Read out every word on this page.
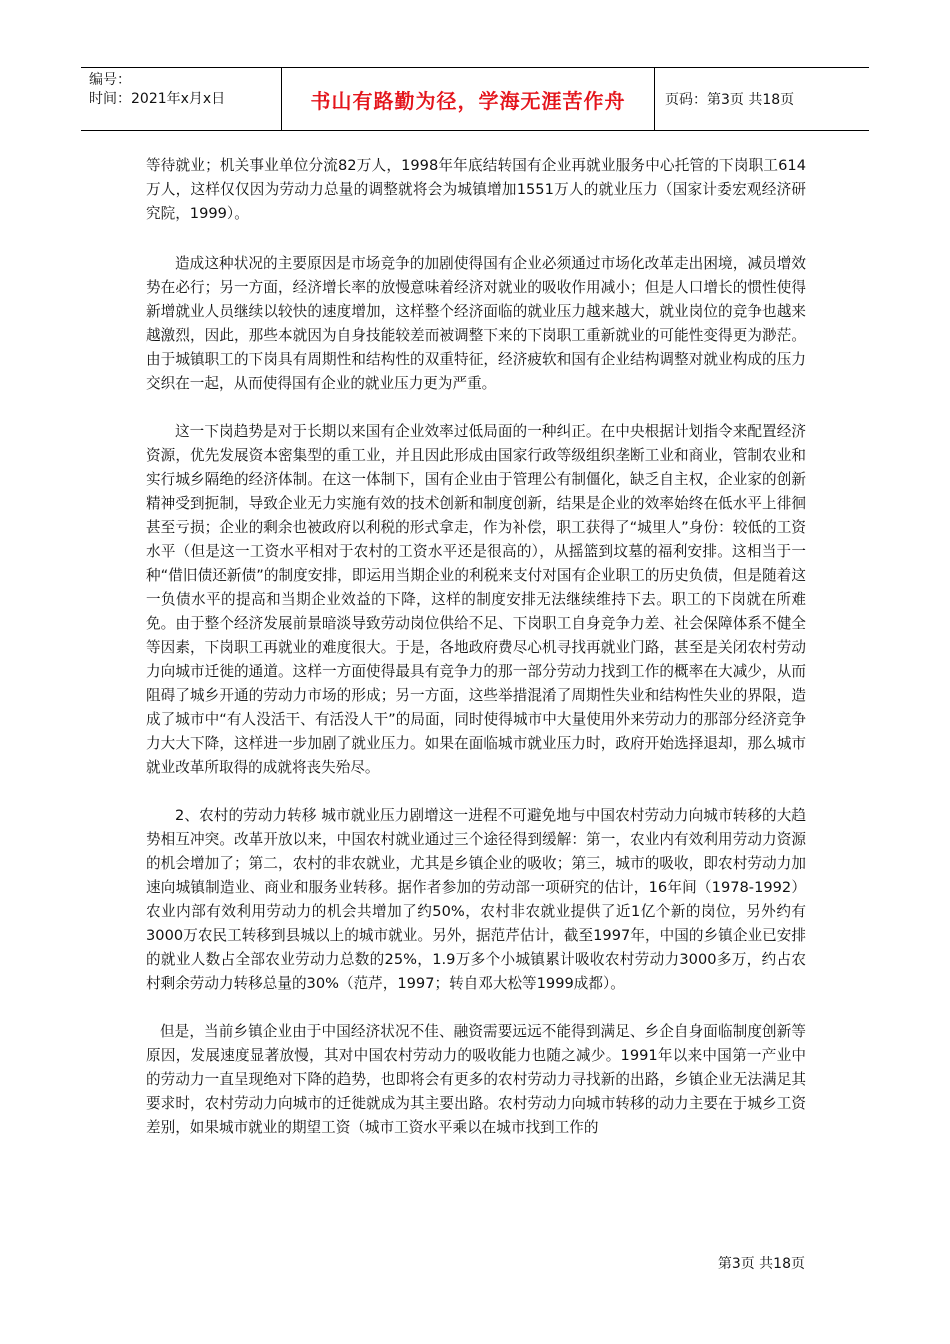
编号：
时间：2021年x月x日	书山有路勤为径，学海无涯苦作舟	页码：第3页 共18页

等待就业；机关事业单位分流82万人，1998年年底结转国有企业再就业服务中心托管的下岗职工614万人，这样仅仅因为劳动力总量的调整就将会为城镇增加1551万人的就业压力（国家计委宏观经济研究院，1999）。

造成这种状况的主要原因是市场竞争的加剧使得国有企业必须通过市场化改革走出困境，减员增效势在必行；另一方面，经济增长率的放慢意味着经济对就业的吸收作用减小；但是人口增长的惯性使得新增就业人员继续以较快的速度增加，这样整个经济面临的就业压力越来越大，就业岗位的竞争也越来越激烈，因此，那些本就因为自身技能较差而被调整下来的下岗职工重新就业的可能性变得更为渺茫。由于城镇职工的下岗具有周期性和结构性的双重特征，经济疲软和国有企业结构调整对就业构成的压力交织在一起，从而使得国有企业的就业压力更为严重。

这一下岗趋势是对于长期以来国有企业效率过低局面的一种纠正。在中央根据计划指令来配置经济资源，优先发展资本密集型的重工业，并且因此形成由国家行政等级组织垄断工业和商业，管制农业和实行城乡隔绝的经济体制。在这一体制下，国有企业由于管理公有制僵化，缺乏自主权，企业家的创新精神受到扼制，导致企业无力实施有效的技术创新和制度创新，结果是企业的效率始终在低水平上徘徊甚至亏损；企业的剩余也被政府以利税的形式拿走，作为补偿，职工获得了“城里人”身份：较低的工资水平（但是这一工资水平相对于农村的工资水平还是很高的），从摇篮到坟墓的福利安排。这相当于一种“借旧债还新债”的制度安排，即运用当期企业的利税来支付对国有企业职工的历史负债，但是随着这一负债水平的提高和当期企业效益的下降，这样的制度安排无法继续维持下去。职工的下岗就在所难免。由于整个经济发展前景暗淡导致劳动岗位供给不足、下岗职工自身竞争力差、社会保障体系不健全等因素，下岗职工再就业的难度很大。于是，各地政府费尽心机寻找再就业门路，甚至是关闭农村劳动力向城市迁徙的通道。这样一方面使得最具有竞争力的那一部分劳动力找到工作的概率在大减少，从而阻碍了城乡开通的劳动力市场的形成；另一方面，这些举措混淆了周期性失业和结构性失业的界限，造成了城市中“有人没活干、有活没人干”的局面，同时使得城市中大量使用外来劳动力的那部分经济竞争力大大下降，这样进一步加剧了就业压力。如果在面临城市就业压力时，政府开始选择退却，那么城市就业改革所取得的成就将丧失殆尽。

2、农村的劳动力转移 城市就业压力剧增这一进程不可避免地与中国农村劳动力向城市转移的大趋势相互冲突。改革开放以来，中国农村就业通过三个途径得到缓解：第一，农业内有效利用劳动力资源的机会增加了；第二，农村的非农就业，尤其是乡镇企业的吸收；第三，城市的吸收，即农村劳动力加速向城镇制造业、商业和服务业转移。据作者参加的劳动部一项研究的估计，16年间（1978-1992）农业内部有效利用劳动力的机会共增加了约50%，农村非农就业提供了近1亿个新的岗位，另外约有3000万农民工转移到县城以上的城市就业。另外，据范芹估计，截至1997年，中国的乡镇企业已安排的就业人数占全部农业劳动力总数的25%，1.9万多个小城镇累计吸收农村劳动力3000多万，约占农村剩余劳动力转移总量的30%（范芹，1997；转自邓大松等1999成都）。

但是，当前乡镇企业由于中国经济状况不佳、融资需要远远不能得到满足、乡企自身面临制度创新等原因，发展速度显著放慢，其对中国农村劳动力的吸收能力也随之减少。1991年以来中国第一产业中的劳动力一直呈现绝对下降的趋势，也即将会有更多的农村劳动力寻找新的出路，乡镇企业无法满足其要求时，农村劳动力向城市的迁徙就成为其主要出路。农村劳动力向城市转移的动力主要在于城乡工资差别，如果城市就业的期望工资（城市工资水平乘以在城市找到工作的

第3页 共18页
